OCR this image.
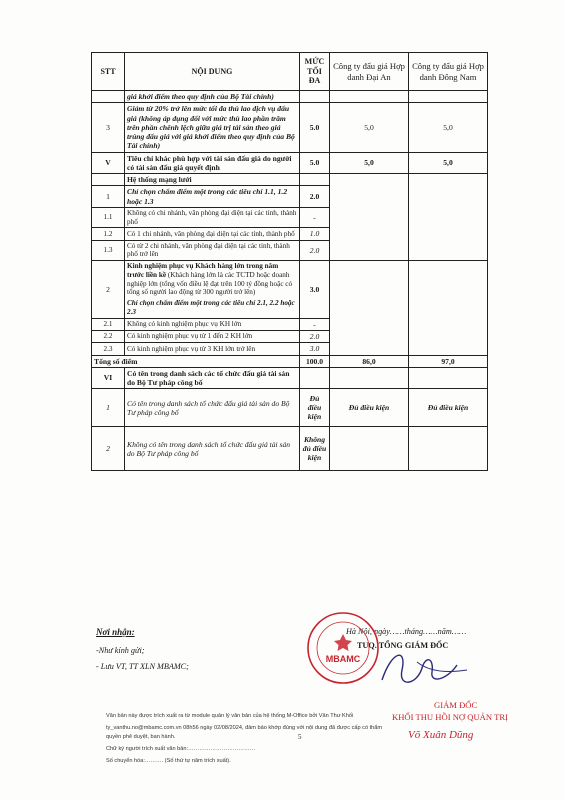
STT	NỘI DUNG	MỨC TỐI ĐA	Công ty đấu giá Hợp danh Đại An	Công ty đấu giá Hợp danh Đông Nam
	giá khởi điểm theo quy định của Bộ Tài chính)			
3	Giảm từ 20% trở lên mức tối đa thù lao dịch vụ đấu giá (không áp dụng đối với mức thù lao phần trăm trên phần chênh lệch giữa giá trị tài sản theo giá trúng đấu giá với giá khởi điểm theo quy định của Bộ Tài chính)	5.0	5,0	5,0
V	Tiêu chí khác phù hợp với tài sản đấu giá do người có tài sản đấu giá quyết định	5.0	5,0	5,0
	Hệ thống mạng lưới			
1	Chỉ chọn chấm điểm một trong các tiêu chí 1.1, 1.2 hoặc 1.3	2.0		
1.1	Không có chi nhánh, văn phòng đại diện tại các tỉnh, thành phố	-		
1.2	Có 1 chi nhánh, văn phòng đại diện tại các tỉnh, thành phố	1.0		
1.3	Có từ 2 chi nhánh, văn phòng đại diện tại các tỉnh, thành phố trở lên	2.0		
2	Kinh nghiệm phục vụ Khách hàng lớn trong năm trước liền kề (Khách hàng lớn là các TCTD hoặc doanh nghiệp lớn (tổng vốn điều lệ đạt trên 100 tỷ đồng hoặc có tổng số người lao động từ 300 người trở lên)
Chỉ chọn chấm điểm một trong các tiêu chí 2.1, 2.2 hoặc 2.3	3.0		
2.1	Không có kinh nghiệm phục vụ KH lớn	-		
2.2	Có kinh nghiệm phục vụ từ 1 đến 2 KH lớn	2.0		
2.3	Có kinh nghiệm phục vụ từ 3 KH lớn trở lên	3.0		
Tổng số điểm		100.0	86,0	97,0
VI	Có tên trong danh sách các tổ chức đấu giá tài sản do Bộ Tư pháp công bố			
1	Có tên trong danh sách tổ chức đấu giá tài sản do Bộ Tư pháp công bố	Đủ điều kiện	Đủ điều kiện	Đủ điều kiện
2	Không có tên trong danh sách tổ chức đấu giá tài sản do Bộ Tư pháp công bố	Không đủ điều kiện		
Nơi nhận:
-Như kính gửi;
- Lưu VT, TT XLN MBAMC;
Hà Nội, ngày……tháng……năm……
TUQ. TỔNG GIÁM ĐỐC
MBAMC
GIÁM ĐỐC
KHỐI THU HỒI NỢ QUẢN TRỊ
Võ Xuân Dũng
5
Văn bản này được trích xuất ra từ module quản lý văn bản của hệ thống M-Office bởi Văn Thư Khối
ty_vanthu.no@mbamc.com.vn 08h56 ngày 02/08/2024, đảm bảo khớp đúng với nội dung đã được cấp có thẩm
quyền phê duyệt, ban hành.
Chữ ký người trích xuất văn bản:………………………………
Số chuyển hóa:………. (Số thứ tự năm trích xuất).
